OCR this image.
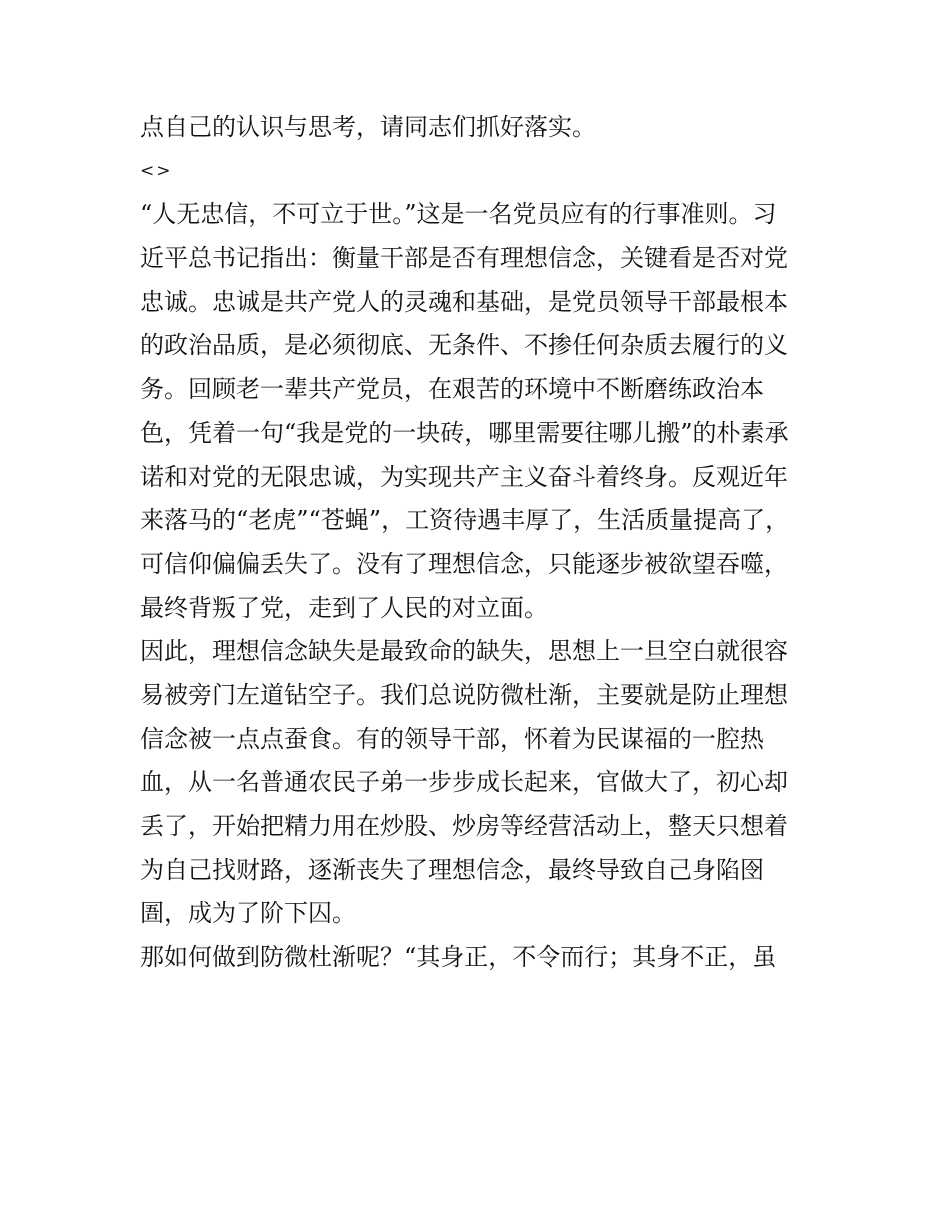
点自己的认识与思考，请同志们抓好落实。
<>
“人无忠信，不可立于世。”这是一名党员应有的行事准则。习
近平总书记指出：衡量干部是否有理想信念，关键看是否对党
忠诚。忠诚是共产党人的灵魂和基础，是党员领导干部最根本
的政治品质，是必须彻底、无条件、不掺任何杂质去履行的义
务。回顾老一辈共产党员，在艰苦的环境中不断磨练政治本
色，凭着一句“我是党的一块砖，哪里需要往哪儿搬”的朴素承
诺和对党的无限忠诚，为实现共产主义奋斗着终身。反观近年
来落马的“老虎”“苍蝇”，工资待遇丰厚了，生活质量提高了，
可信仰偏偏丢失了。没有了理想信念，只能逐步被欲望吞噬，
最终背叛了党，走到了人民的对立面。
因此，理想信念缺失是最致命的缺失，思想上一旦空白就很容
易被旁门左道钻空子。我们总说防微杜渐，主要就是防止理想
信念被一点点蚕食。有的领导干部，怀着为民谋福的一腔热
血，从一名普通农民子弟一步步成长起来，官做大了，初心却
丢了，开始把精力用在炒股、炒房等经营活动上，整天只想着
为自己找财路，逐渐丧失了理想信念，最终导致自己身陷囹
圄，成为了阶下囚。
那如何做到防微杜渐呢？“其身正，不令而行；其身不正，虽
